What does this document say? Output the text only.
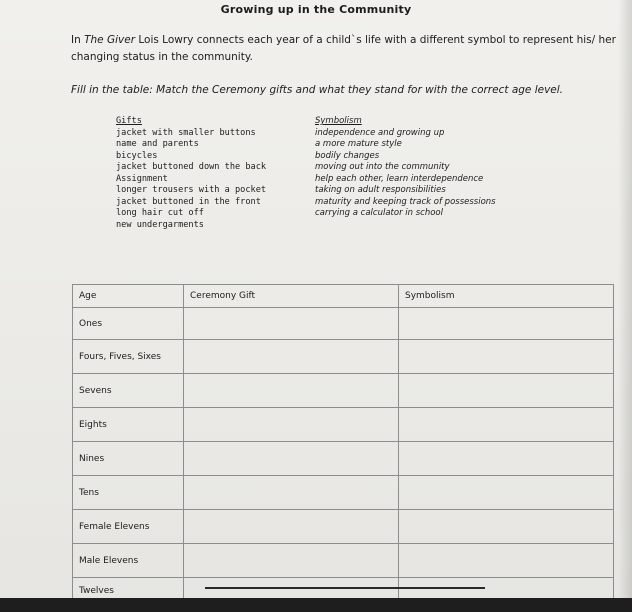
Growing up in the Community
In The Giver Lois Lowry connects each year of a child`s life with a different symbol to represent his/ her changing status in the community.
Fill in the table: Match the Ceremony gifts and what they stand for with the correct age level.
Gifts
jacket with smaller buttons
name and parents
bicycles
jacket buttoned down the back
Assignment
longer trousers with a pocket
jacket buttoned in the front
long hair cut off
new undergarments
Symbolism
independence and growing up
a more mature style
bodily changes
moving out into the community
help each other, learn interdependence
taking on adult responsibilities
maturity and keeping track of possessions
carrying a calculator in school
Age	Ceremony Gift	Symbolism
Ones		
Fours, Fives, Sixes		
Sevens		
Eights		
Nines		
Tens		
Female Elevens		
Male Elevens		
Twelves		
